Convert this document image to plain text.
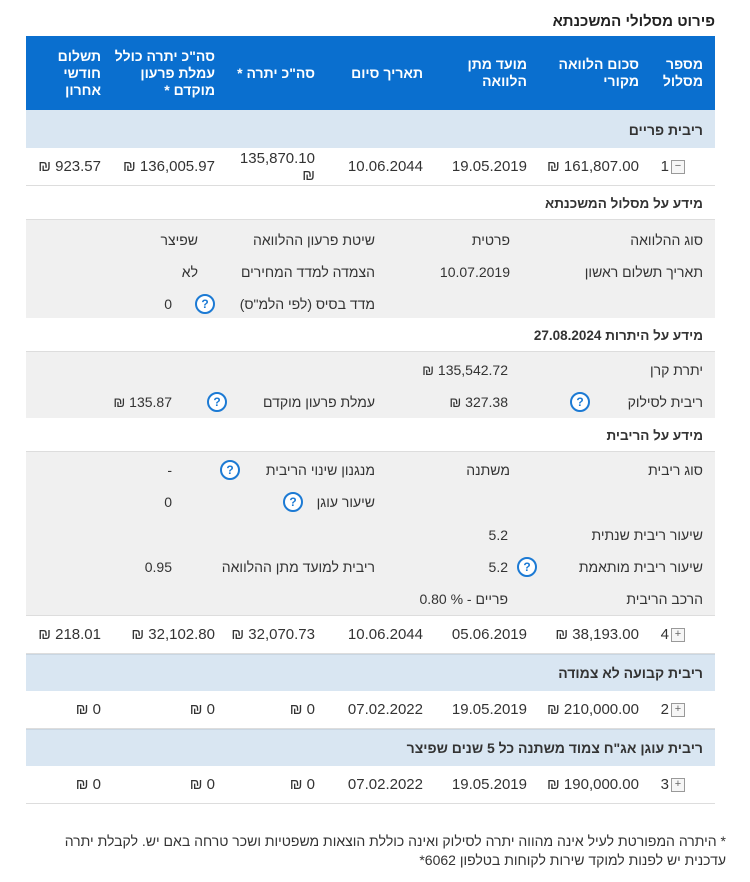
פירוט מסלולי המשכנתא
מספר מסלול
סכום הלוואה מקורי
מועד מתן הלוואה
תאריך סיום
סה"כ יתרה *
סה"כ יתרה כולל עמלת פרעון מוקדם *
תשלום חודשי אחרון
ריבית פריים
−
1
161,807.00 ₪
19.05.2019
10.06.2044
135,870.10 ₪
136,005.97 ₪
923.57 ₪
מידע על מסלול המשכנתא
סוג ההלוואה
פרטית
שיטת פרעון ההלוואה
שפיצר
תאריך תשלום ראשון
10.07.2019
הצמדה למדד המחירים
לא
מדד בסיס (לפי הלמ"ס)
?
0
מידע על היתרות 27.08.2024
יתרת קרן
135,542.72 ₪
ריבית לסילוק
?
327.38 ₪
עמלת פרעון מוקדם
?
135.87 ₪
מידע על הריבית
סוג ריבית
משתנה
מנגנון שינוי הריבית
?
-
שיעור עוגן
?
0
שיעור ריבית שנתית
5.2
שיעור ריבית מותאמת
?
5.2
ריבית למועד מתן ההלוואה
0.95
הרכב הריבית
פריים - % 0.80
+
4
38,193.00 ₪
05.06.2019
10.06.2044
32,070.73 ₪
32,102.80 ₪
218.01 ₪
ריבית קבועה לא צמודה
+
2
210,000.00 ₪
19.05.2019
07.02.2022
0 ₪
0 ₪
0 ₪
ריבית עוגן אג"ח צמוד משתנה כל 5 שנים שפיצר
+
3
190,000.00 ₪
19.05.2019
07.02.2022
0 ₪
0 ₪
0 ₪
* היתרה המפורטת לעיל אינה מהווה יתרה לסילוק ואינה כוללת הוצאות משפטיות ושכר טרחה באם יש. לקבלת יתרה עדכנית יש לפנות למוקד שירות לקוחות בטלפון 6062*
